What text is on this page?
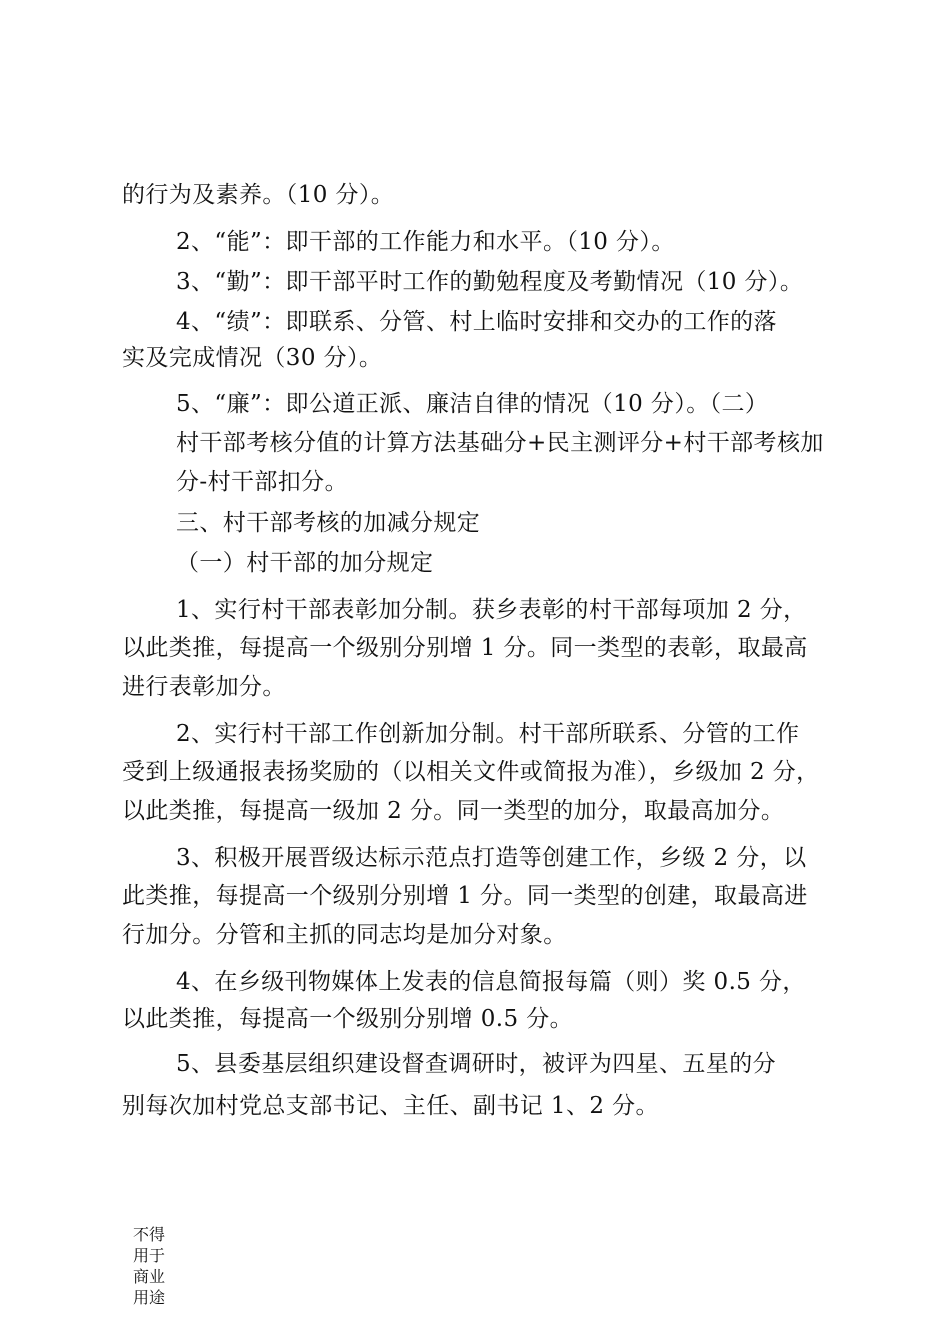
的行为及素养。（10 分）。
2、“能”：即干部的工作能力和水平。（10 分）。
3、“勤”：即干部平时工作的勤勉程度及考勤情况（10 分）。
4、“绩”：即联系、分管、村上临时安排和交办的工作的落
实及完成情况（30 分）。
5、“廉”：即公道正派、廉洁自律的情况（10 分）。（二）
村干部考核分值的计算方法基础分+民主测评分+村干部考核加
分-村干部扣分。
三、村干部考核的加减分规定
（一）村干部的加分规定
1、实行村干部表彰加分制。获乡表彰的村干部每项加 2 分，
以此类推，每提高一个级别分别增 1 分。同一类型的表彰，取最高
进行表彰加分。
2、实行村干部工作创新加分制。村干部所联系、分管的工作
受到上级通报表扬奖励的（以相关文件或简报为准），乡级加 2 分，
以此类推，每提高一级加 2 分。同一类型的加分，取最高加分。
3、积极开展晋级达标示范点打造等创建工作，乡级 2 分，以
此类推，每提高一个级别分别增 1 分。同一类型的创建，取最高进
行加分。分管和主抓的同志均是加分对象。
4、在乡级刊物媒体上发表的信息简报每篇（则）奖 0.5 分，
以此类推，每提高一个级别分别增 0.5 分。
5、县委基层组织建设督查调研时，被评为四星、五星的分
别每次加村党总支部书记、主任、副书记 1、2 分。
不得
用于
商业
用途
